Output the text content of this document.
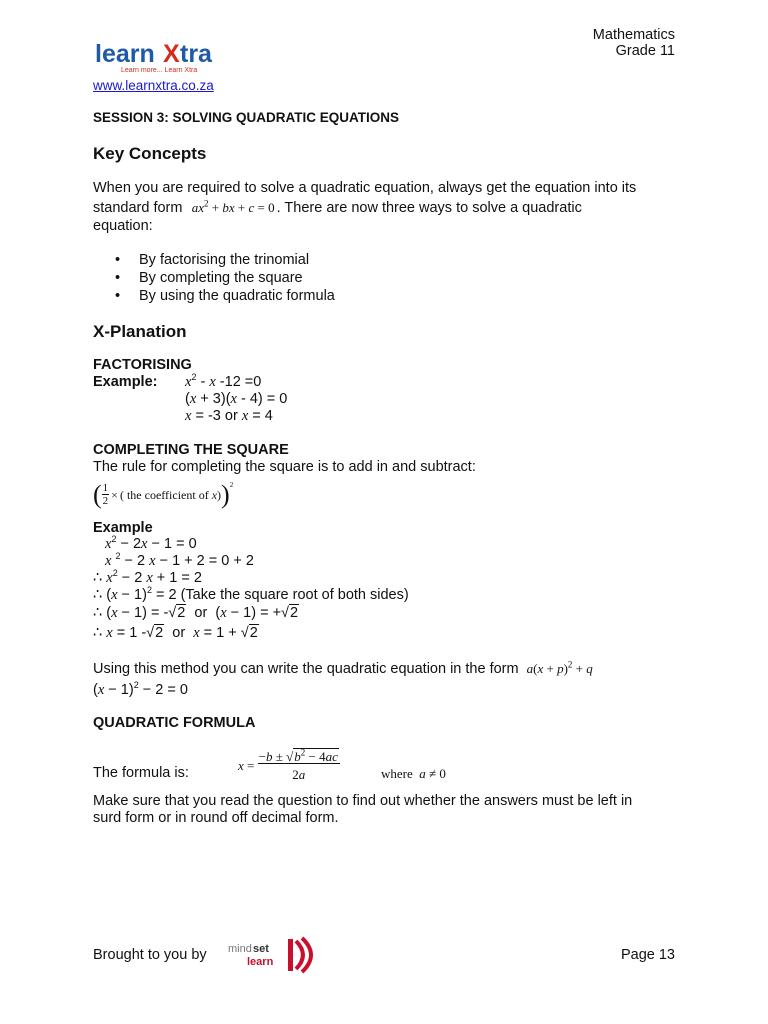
Mathematics
Grade 11
learn X tra
Learn more... Learn Xtra
www.learnxtra.co.za
SESSION 3: SOLVING QUADRATIC EQUATIONS
Key Concepts
When you are required to solve a quadratic equation, always get the equation into its
standard form $ax^2$ + bx + c = 0 . There are now three ways to solve a quadratic
equation:
• By factorising the trinomial
• By completing the square
• By using the quadratic formula
X-Planation
FACTORISING
Example: $x^2$ - x -12 =0
(x + 3)(x - 4) = 0
x = -3 or x = 4
COMPLETING THE SQUARE
The rule for completing the square is to add in and subtract:
( $\frac{1}{2}$ × ( the coefficient of x ) )$^2$
Example
$x^2 - 2x - 1 = 0$
x $^2$ − 2 x − 1 + 2 = 0 + 2
∴ $x^2 - 2$ x + 1 = 2
∴ $(x - 1)^2 = 2$ (Take the square root of both sides)
∴ (x − 1) = -√2 or  (x − 1) = +√2
∴ x = 1 -√2 or x = 1 + √2
Using this method you can write the quadratic equation in the form $a(x + p)^2 + q$
$(x - 1)^2 - 2 = 0$
QUADRATIC FORMULA
The formula is:	$x = \frac{-b \pm √b^2 - 4ac}{2a}$	where a ≠ 0
Make sure that you read the question to find out whether the answers must be left in
surd form or in round off decimal form.
Brought to you by mind set
learn	Page 13
